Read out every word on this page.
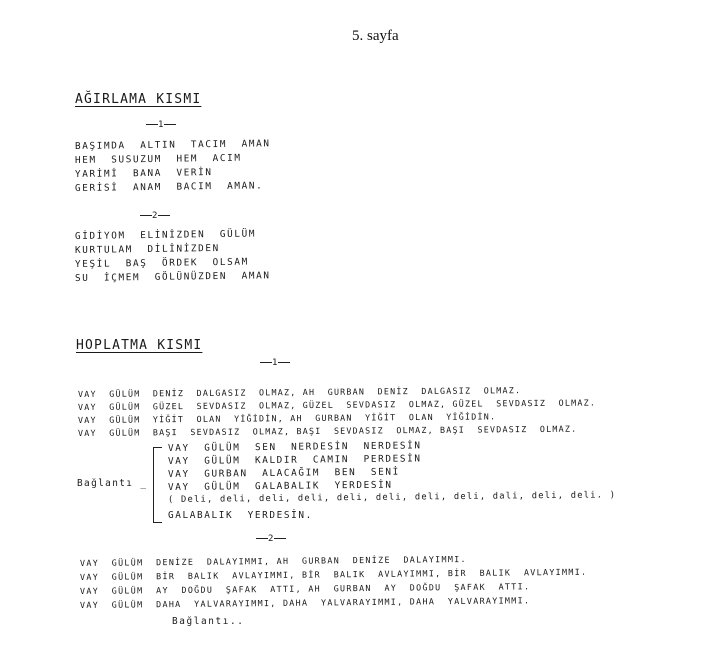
5. sayfa
AĞIRLAMA KISMI
1
BAŞIMDA  ALTIN  TACIM  AMAN
HEM  SUSUZUM  HEM  ACIM
YARİMİ  BANA  VERİN
GERİSİ  ANAM  BACIM  AMAN.
2
GİDİYOM  ELİNİZDEN  GÜLÜM
KURTULAM  DİLİNİZDEN
YEŞİL  BAŞ  ÖRDEK  OLSAM
SU  İÇMEM  GÖLÜNÜZDEN  AMAN
HOPLATMA KISMI
1
VAY  GÜLÜM  DENİZ  DALGASIZ  OLMAZ, AH  GURBAN  DENİZ  DALGASIZ  OLMAZ.
VAY  GÜLÜM  GÜZEL  SEVDASIZ  OLMAZ, GÜZEL  SEVDASIZ  OLMAZ, GÜZEL  SEVDASIZ  OLMAZ.
VAY  GÜLÜM  YİĞİT  OLAN  YİĞİDİN, AH  GURBAN  YİĞİT  OLAN  YİĞİDİN.
VAY  GÜLÜM  BAŞI  SEVDASIZ  OLMAZ, BAŞI  SEVDASIZ  OLMAZ, BAŞI  SEVDASIZ  OLMAZ.
Bağlantı _
VAY  GÜLÜM  SEN  NERDESİN  NERDESİN
VAY  GÜLÜM  KALDIR  CAMIN  PERDESİN
VAY  GURBAN  ALACAĞIM  BEN  SENİ
VAY  GÜLÜM  GALABALIK  YERDESİN
( Deli, deli, deli, deli, deli, deli, deli, deli, dali, deli, deli. )
GALABALIK  YERDESİN.
2
VAY  GÜLÜM  DENİZE  DALAYIMMI, AH  GURBAN  DENİZE  DALAYIMMI.
VAY  GÜLÜM  BİR  BALIK  AVLAYIMMI, BİR  BALIK  AVLAYIMMI, BİR  BALIK  AVLAYIMMI.
VAY  GÜLÜM  AY  DOĞDU  ŞAFAK  ATTI, AH  GURBAN  AY  DOĞDU  ŞAFAK  ATTI.
VAY  GÜLÜM  DAHA  YALVARAYIMMI, DAHA  YALVARAYIMMI, DAHA  YALVARAYIMMI.
Bağlantı..
